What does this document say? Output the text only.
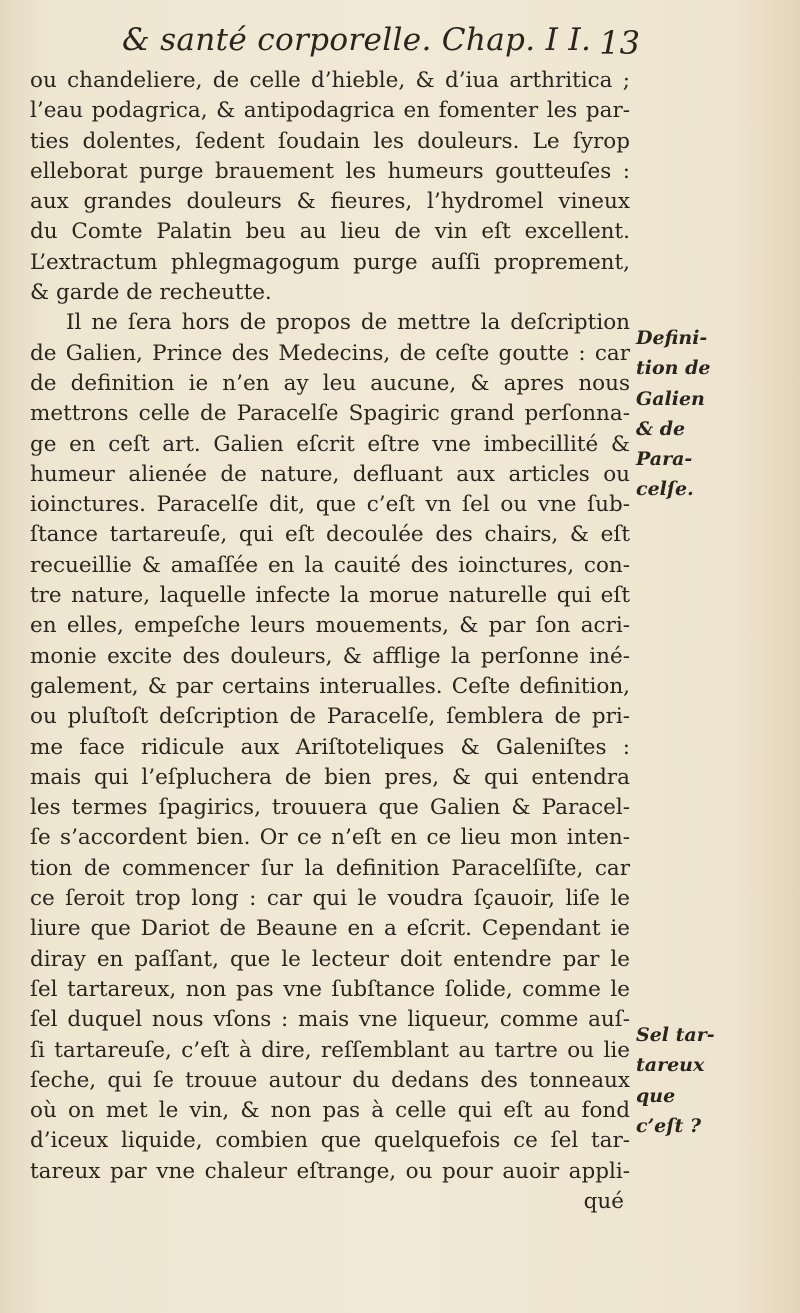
& santé corporelle. Chap. I I. 13
ou chandeliere, de celle d’hieble, & d’iua arthritica ;
l’eau podagrica, & antipodagrica en fomenter les par-
ties dolentes, ſedent ſoudain les douleurs. Le ſyrop
elleborat purge brauement les humeurs goutteuſes :
aux grandes douleurs & fieures, l’hydromel vineux
du Comte Palatin beu au lieu de vin eſt excellent.
L’extractum phlegmagogum purge auſſi proprement,
& garde de recheutte.
Il ne ſera hors de propos de mettre la deſcription
de Galien, Prince des Medecins, de ceſte goutte : car
de definition ie n’en ay leu aucune, & apres nous
mettrons celle de Paracelſe Spagiric grand perſonna-
ge en ceſt art. Galien eſcrit eſtre vne imbecillité &
humeur alienée de nature, defluant aux articles ou
ioinctures. Paracelſe dit, que c’eſt vn ſel ou vne ſub-
ſtance tartareuſe, qui eſt decoulée des chairs, & eſt
recueillie & amaſſée en la cauité des ioinctures, con-
tre nature, laquelle infecte la morue naturelle qui eſt
en elles, empeſche leurs mouements, & par ſon acri-
monie excite des douleurs, & afflige la perſonne iné-
galement, & par certains interualles. Ceſte definition,
ou pluſtoſt deſcription de Paracelſe, ſemblera de pri-
me face ridicule aux Ariſtoteliques & Galeniſtes :
mais qui l’eſpluchera de bien pres, & qui entendra
les termes ſpagirics, trouuera que Galien & Paracel-
ſe s’accordent bien. Or ce n’eſt en ce lieu mon inten-
tion de commencer ſur la definition Paracelſiſte, car
ce ſeroit trop long : car qui le voudra ſçauoir, liſe le
liure que Dariot de Beaune en a eſcrit. Cependant ie
diray en paſſant, que le lecteur doit entendre par le
ſel tartareux, non pas vne ſubſtance ſolide, comme le
ſel duquel nous vſons : mais vne liqueur, comme auſ-
ſi tartareuſe, c’eſt à dire, reſſemblant au tartre ou lie
ſeche, qui ſe trouue autour du dedans des tonneaux
où on met le vin, & non pas à celle qui eſt au fond
d’iceux liquide, combien que quelquefois ce ſel tar-
tareux par vne chaleur eſtrange, ou pour auoir appli-
qué
Defini-
tion de
Galien
& de
Para-
celſe.
Sel tar-
tareux
que
c’eſt ?
